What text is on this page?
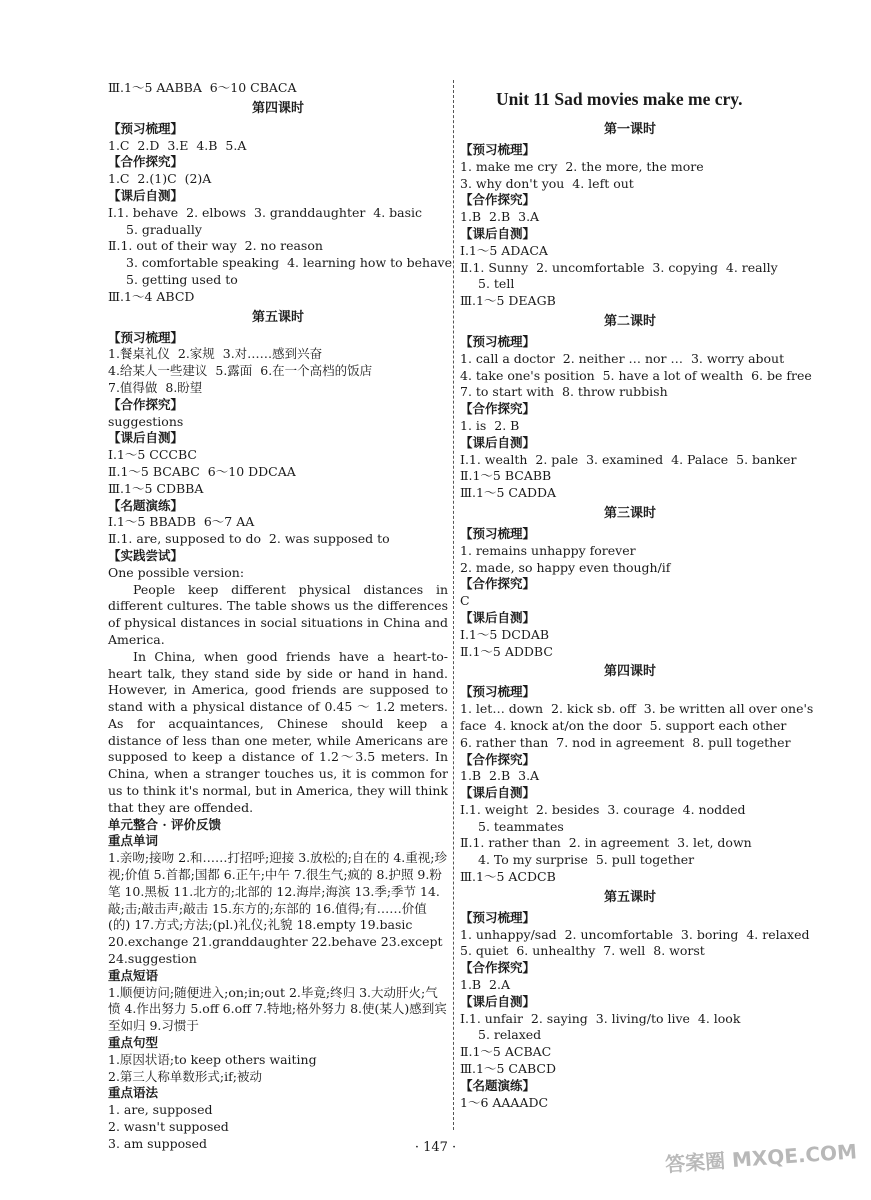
Ⅲ.1～5 AABBA  6～10 CBACA
第四课时
【预习梳理】
1.C  2.D  3.E  4.B  5.A
【合作探究】
1.C  2.(1)C  (2)A
【课后自测】
Ⅰ.1. behave  2. elbows  3. granddaughter  4. basic
5. gradually
Ⅱ.1. out of their way  2. no reason
3. comfortable speaking  4. learning how to behave
5. getting used to
Ⅲ.1～4 ABCD
第五课时
【预习梳理】
1.餐桌礼仪  2.家规  3.对……感到兴奋
4.给某人一些建议  5.露面  6.在一个高档的饭店
7.值得做  8.盼望
【合作探究】
suggestions
【课后自测】
Ⅰ.1～5 CCCBC
Ⅱ.1～5 BCABC  6～10 DDCAA
Ⅲ.1～5 CDBBA
【名题演练】
Ⅰ.1～5 BBADB  6～7 AA
Ⅱ.1. are, supposed to do  2. was supposed to
【实践尝试】
One possible version:
People keep different physical distances in different cultures. The table shows us the differences of physical distances in social situations in China and America.
In China, when good friends have a heart-to-heart talk, they stand side by side or hand in hand. However, in America, good friends are supposed to stand with a physical distance of 0.45 ～ 1.2 meters. As for acquaintances, Chinese should keep a distance of less than one meter, while Americans are supposed to keep a distance of 1.2～3.5 meters. In China, when a stranger touches us, it is common for us to think it's normal, but in America, they will think that they are offended.
单元整合 · 评价反馈
重点单词
1.亲吻;接吻 2.和……打招呼;迎接 3.放松的;自在的 4.重视;珍视;价值 5.首都;国都 6.正午;中午 7.很生气;疯的 8.护照 9.粉笔 10.黑板 11.北方的;北部的 12.海岸;海滨 13.季;季节 14.敲;击;敲击声;敲击 15.东方的;东部的 16.值得;有……价值(的) 17.方式;方法;(pl.)礼仪;礼貌 18.empty 19.basic 20.exchange 21.granddaughter 22.behave 23.except 24.suggestion
重点短语
1.顺便访问;随便进入;on;in;out 2.毕竟;终归 3.大动肝火;气愤 4.作出努力 5.off 6.off 7.特地;格外努力 8.使(某人)感到宾至如归 9.习惯于
重点句型
1.原因状语;to keep others waiting
2.第三人称单数形式;if;被动
重点语法
1. are, supposed
2. wasn't supposed
3. am supposed
Unit 11 Sad movies make me cry.
第一课时
【预习梳理】
1. make me cry  2. the more, the more
3. why don't you  4. left out
【合作探究】
1.B  2.B  3.A
【课后自测】
Ⅰ.1～5 ADACA
Ⅱ.1. Sunny  2. uncomfortable  3. copying  4. really
5. tell
Ⅲ.1～5 DEAGB
第二课时
【预习梳理】
1. call a doctor  2. neither … nor …  3. worry about
4. take one's position  5. have a lot of wealth  6. be free
7. to start with  8. throw rubbish
【合作探究】
1. is  2. B
【课后自测】
Ⅰ.1. wealth  2. pale  3. examined  4. Palace  5. banker
Ⅱ.1～5 BCABB
Ⅲ.1～5 CADDA
第三课时
【预习梳理】
1. remains unhappy forever
2. made, so happy even though/if
【合作探究】
C
【课后自测】
Ⅰ.1～5 DCDAB
Ⅱ.1～5 ADDBC
第四课时
【预习梳理】
1. let… down  2. kick sb. off  3. be written all over one's
face  4. knock at/on the door  5. support each other
6. rather than  7. nod in agreement  8. pull together
【合作探究】
1.B  2.B  3.A
【课后自测】
Ⅰ.1. weight  2. besides  3. courage  4. nodded
5. teammates
Ⅱ.1. rather than  2. in agreement  3. let, down
4. To my surprise  5. pull together
Ⅲ.1～5 ACDCB
第五课时
【预习梳理】
1. unhappy/sad  2. uncomfortable  3. boring  4. relaxed
5. quiet  6. unhealthy  7. well  8. worst
【合作探究】
1.B  2.A
【课后自测】
Ⅰ.1. unfair  2. saying  3. living/to live  4. look
5. relaxed
Ⅱ.1～5 ACBAC
Ⅲ.1～5 CABCD
【名题演练】
1～6 AAAADC
· 147 ·	答案圈 MXQE.COM
